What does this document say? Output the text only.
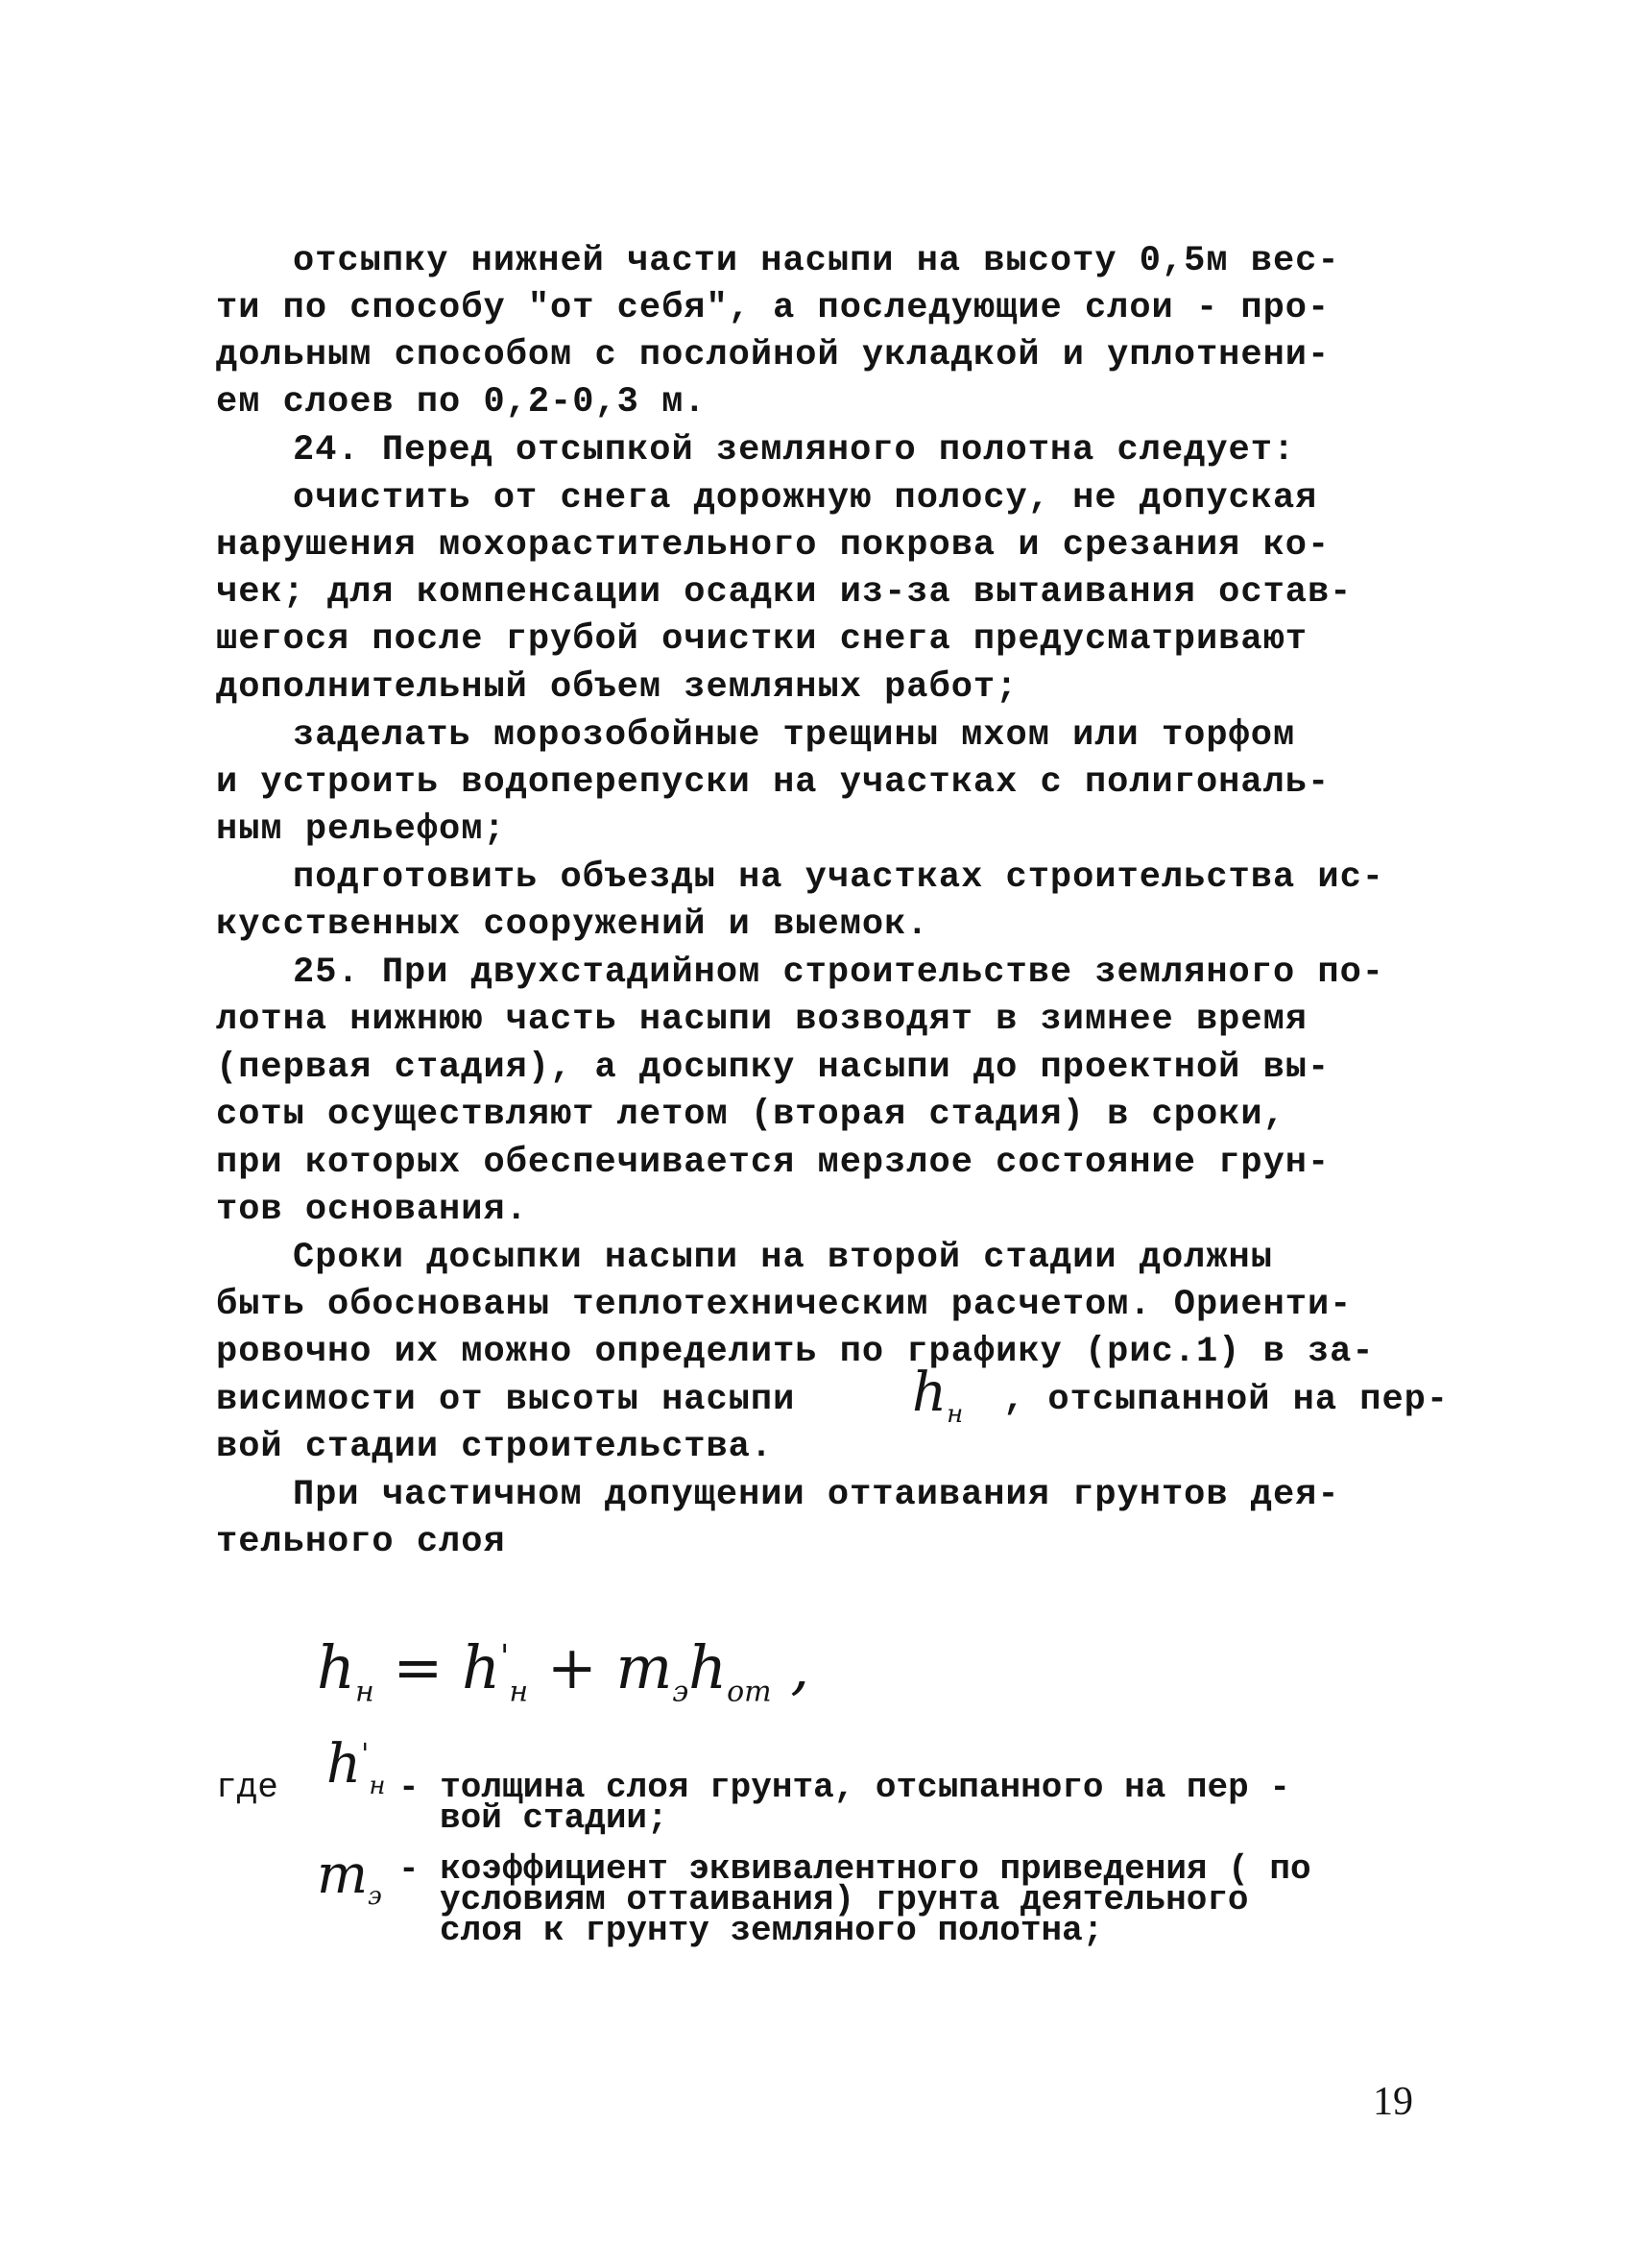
отсыпку нижней части насыпи на высоту 0,5м вес-
ти по способу "от себя", а последующие слои - про-
дольным способом с послойной укладкой и уплотнени-
ем слоев по 0,2-0,3 м.
24. Перед отсыпкой земляного полотна следует:
очистить от снега дорожную полосу, не допуская
нарушения мохорастительного покрова и срезания ко-
чек; для компенсации осадки из-за вытаивания остав-
шегося после грубой очистки снега предусматривают
дополнительный объем земляных работ;
заделать морозобойные трещины мхом или торфом
и устроить водоперепуски на участках с полигональ-
ным рельефом;
подготовить объезды на участках строительства ис-
кусственных сооружений и выемок.
25. При двухстадийном строительстве земляного по-
лотна нижнюю часть насыпи возводят в зимнее время
(первая стадия), а досыпку насыпи до проектной вы-
соты осуществляют летом (вторая стадия) в сроки,
при которых обеспечивается мерзлое состояние грун-
тов основания.
Сроки досыпки насыпи на второй стадии должны
быть обоснованы теплотехническим расчетом. Ориенти-
ровочно их можно определить по графику (рис.1) в за-
висимости от высоты насыпи	$h_н$ , отсыпанной на пер-
вой стадии строительства.
При частичном допущении оттаивания грунтов дея-
тельного слоя
$h_н = h'_н + m_эh_{от}$ ,
где $h'_н$ - толщина слоя грунта, отсыпанного на пер -
вой стадии;
$m_э$
- коэффициент эквивалентного приведения ( по
условиям оттаивания) грунта деятельного
слоя к грунту земляного полотна;
19
